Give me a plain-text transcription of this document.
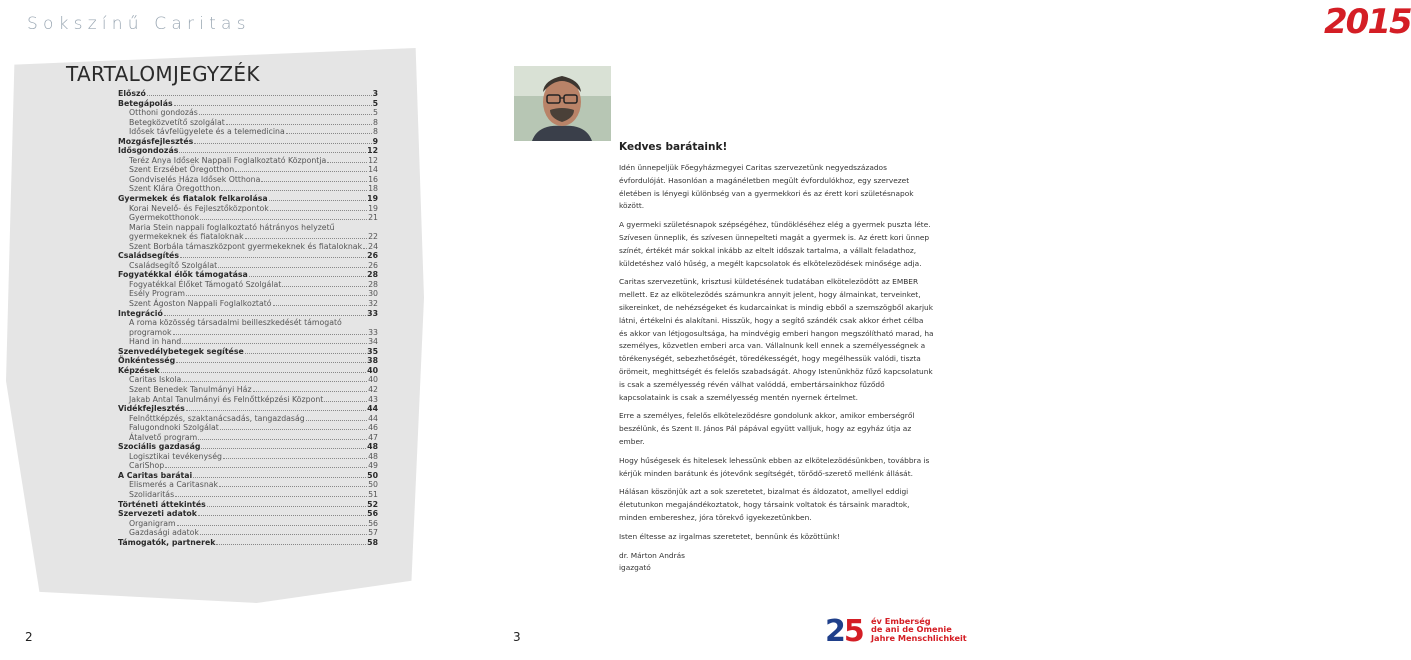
Sokszínű Caritas
TARTALOMJEGYZÉK
Előszó	3
Betegápolás	5
Otthoni gondozás	5
Betegközvetítő szolgálat	8
Idősek távfelügyelete és a telemedicina	8
Mozgásfejlesztés	9
Idősgondozás	12
Teréz Anya Idősek Nappali Foglalkoztató Központja	12
Szent Erzsébet Öregotthon	14
Gondviselés Háza Idősek Otthona	16
Szent Klára Öregotthon	18
Gyermekek és fiatalok felkarolása	19
Korai Nevelő- és Fejlesztőközpontok	19
Gyermekotthonok	21
Maria Stein nappali foglalkoztató hátrányos helyzetű
gyermekeknek és fiataloknak	22
Szent Borbála támaszközpont gyermekeknek és fiataloknak 24
Családsegítés	26
Családsegítő Szolgálat	26
Fogyatékkal élők támogatása	28
Fogyatékkal Élőket Támogató Szolgálat	28
Esély Program	30
Szent Ágoston Nappali Foglalkoztató	32
Integráció	33
A roma közösség társadalmi beilleszkedését támogató
programok	33
Hand in hand	34
Szenvedélybetegek segítése	35
Önkéntesség	38
Képzések	40
Caritas Iskola	40
Szent Benedek Tanulmányi Ház	42
Jakab Antal Tanulmányi és Felnőttképzési Központ	43
Vidékfejlesztés	44
Felnőttképzés, szaktanácsadás, tangazdaság	44
Falugondnoki Szolgálat	46
Átalvető program	47
Szociális gazdaság	48
Logisztikai tevékenység	48
CariShop	49
A Caritas barátai	50
Elismerés a Caritasnak	50
Szolidaritás	51
Történeti áttekintés	52
Szervezeti adatok	56
Organigram	56
Gazdasági adatok	57
Támogatók, partnerek	58
2
2015
Kedves barátaink!

Idén ünnepeljük Főegyházmegyei Caritas szervezetünk negyedszázados évfordulóját. Hasonlóan a magánéletben megült évfordulókhoz, egy szervezet életében is lényegi különbség van a gyermekkori és az érett kori születésnapok között.

A gyermeki születésnapok szépségéhez, tündökléséhez elég a gyermek puszta léte. Szívesen ünneplik, és szívesen ünnepelteti magát a gyermek is. Az érett kori ünnep színét, értékét már sokkal inkább az eltelt időszak tartalma, a vállalt feladathoz, küldetéshez való hűség, a megélt kapcsolatok és elkötelezödések minősége adja.

Caritas szervezetünk, krisztusi küldetésének tudatában elkötelezödött az EMBER mellett. Ez az elkötelezödés számunkra annyit jelent, hogy álmainkat, terveinket, sikereinket, de nehézségeket és kudarcainkat is mindig ebből a szemszögből akarjuk látni, értékelni és alakítani. Hisszük, hogy a segítő szándék csak akkor érhet célba és akkor van létjogosultsága, ha mindvégig emberi hangon megszólítható marad, ha személyes, közvetlen emberi arca van. Vállalnunk kell ennek a személyességnek a törékenységét, sebezhetőségét, töredékességét, hogy megélhessük valódi, tiszta örömeit, meghittségét és felelős szabadságát. Ahogy Istenünkhöz fűző kapcsolatunk is csak a személyesség révén válhat valóddá, embertársainkhoz fűződő kapcsolataink is csak a személyesség mentén nyernek értelmet.

Erre a személyes, felelős elkötelezödésre gondolunk akkor, amikor emberségről beszélünk, és Szent II. János Pál pápával együtt valljuk, hogy az egyház útja az ember.

Hogy hűségesek és hitelesek lehessünk ebben az elkötelezödésünkben, továbbra is kérjük minden barátunk és jótevőnk segítségét, törődő-szerető mellénk állását.

Hálásan köszönjük azt a sok szeretetet, bizalmat és áldozatot, amellyel eddigi életutunkon megajándékoztatok, hogy társaink voltatok és társaink maradtok, minden embereshez, jóra törekvő igyekezetünkben.

Isten éltesse az irgalmas szeretetet, bennünk és közöttünk!

dr. Márton András
igazgató
3	25 év Emberség
de ani de Omenie
Jahre Menschlichkeit
